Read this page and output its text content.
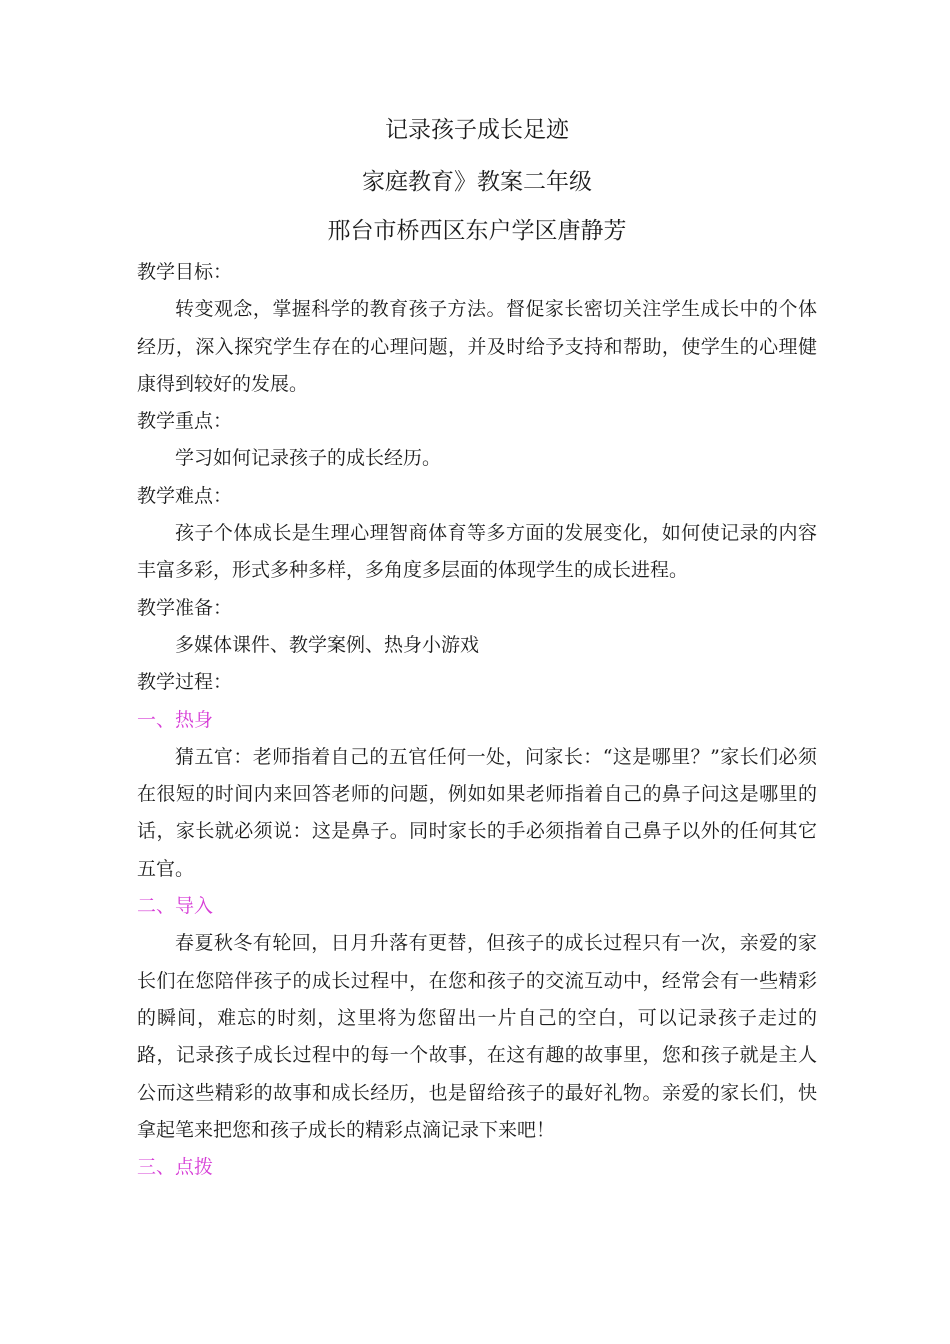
记录孩子成长足迹
家庭教育》教案二年级
邢台市桥西区东户学区唐静芳

教学目标：

转变观念，掌握科学的教育孩子方法。督促家长密切关注学生成长中的个体经历，深入探究学生存在的心理问题，并及时给予支持和帮助，使学生的心理健康得到较好的发展。

教学重点：

学习如何记录孩子的成长经历。

教学难点：

孩子个体成长是生理心理智商体育等多方面的发展变化，如何使记录的内容丰富多彩，形式多种多样，多角度多层面的体现学生的成长进程。

教学准备：

多媒体课件、教学案例、热身小游戏

教学过程：

一、热身

猜五官：老师指着自己的五官任何一处，问家长：“这是哪里？”家长们必须在很短的时间内来回答老师的问题，例如如果老师指着自己的鼻子问这是哪里的话，家长就必须说：这是鼻子。同时家长的手必须指着自己鼻子以外的任何其它五官。

二、导入

春夏秋冬有轮回，日月升落有更替，但孩子的成长过程只有一次，亲爱的家长们在您陪伴孩子的成长过程中，在您和孩子的交流互动中，经常会有一些精彩的瞬间，难忘的时刻，这里将为您留出一片自己的空白，可以记录孩子走过的路，记录孩子成长过程中的每一个故事，在这有趣的故事里，您和孩子就是主人公而这些精彩的故事和成长经历，也是留给孩子的最好礼物。亲爱的家长们，快拿起笔来把您和孩子成长的精彩点滴记录下来吧！

三、点拨
